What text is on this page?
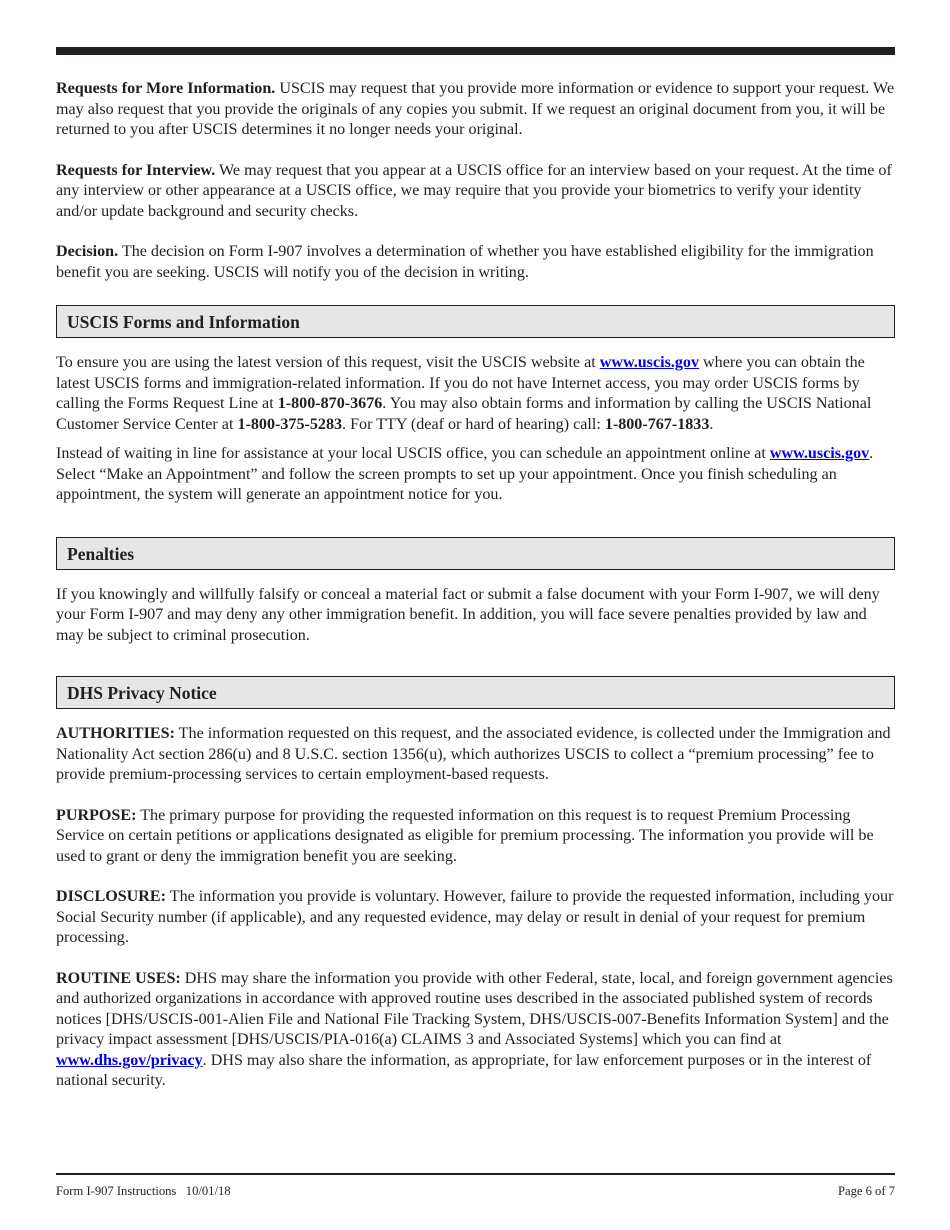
Requests for More Information. USCIS may request that you provide more information or evidence to support your request. We may also request that you provide the originals of any copies you submit. If we request an original document from you, it will be returned to you after USCIS determines it no longer needs your original.

Requests for Interview. We may request that you appear at a USCIS office for an interview based on your request. At the time of any interview or other appearance at a USCIS office, we may require that you provide your biometrics to verify your identity and/or update background and security checks.

Decision. The decision on Form I-907 involves a determination of whether you have established eligibility for the immigration benefit you are seeking. USCIS will notify you of the decision in writing.

USCIS Forms and Information

To ensure you are using the latest version of this request, visit the USCIS website at www.uscis.gov where you can obtain the latest USCIS forms and immigration-related information. If you do not have Internet access, you may order USCIS forms by calling the Forms Request Line at 1-800-870-3676. You may also obtain forms and information by calling the USCIS National Customer Service Center at 1-800-375-5283. For TTY (deaf or hard of hearing) call: 1-800-767-1833.

Instead of waiting in line for assistance at your local USCIS office, you can schedule an appointment online at www.uscis.gov. Select “Make an Appointment” and follow the screen prompts to set up your appointment. Once you finish scheduling an appointment, the system will generate an appointment notice for you.

Penalties

If you knowingly and willfully falsify or conceal a material fact or submit a false document with your Form I-907, we will deny your Form I-907 and may deny any other immigration benefit. In addition, you will face severe penalties provided by law and may be subject to criminal prosecution.

DHS Privacy Notice

AUTHORITIES: The information requested on this request, and the associated evidence, is collected under the Immigration and Nationality Act section 286(u) and 8 U.S.C. section 1356(u), which authorizes USCIS to collect a “premium processing” fee to provide premium-processing services to certain employment-based requests.

PURPOSE: The primary purpose for providing the requested information on this request is to request Premium Processing Service on certain petitions or applications designated as eligible for premium processing. The information you provide will be used to grant or deny the immigration benefit you are seeking.

DISCLOSURE: The information you provide is voluntary. However, failure to provide the requested information, including your Social Security number (if applicable), and any requested evidence, may delay or result in denial of your request for premium processing.

ROUTINE USES: DHS may share the information you provide with other Federal, state, local, and foreign government agencies and authorized organizations in accordance with approved routine uses described in the associated published system of records notices [DHS/USCIS-001-Alien File and National File Tracking System, DHS/USCIS-007-Benefits Information System] and the privacy impact assessment [DHS/USCIS/PIA-016(a) CLAIMS 3 and Associated Systems] which you can find at www.dhs.gov/privacy. DHS may also share the information, as appropriate, for law enforcement purposes or in the interest of national security.

Form I-907 Instructions   10/01/18	Page 6 of 7
